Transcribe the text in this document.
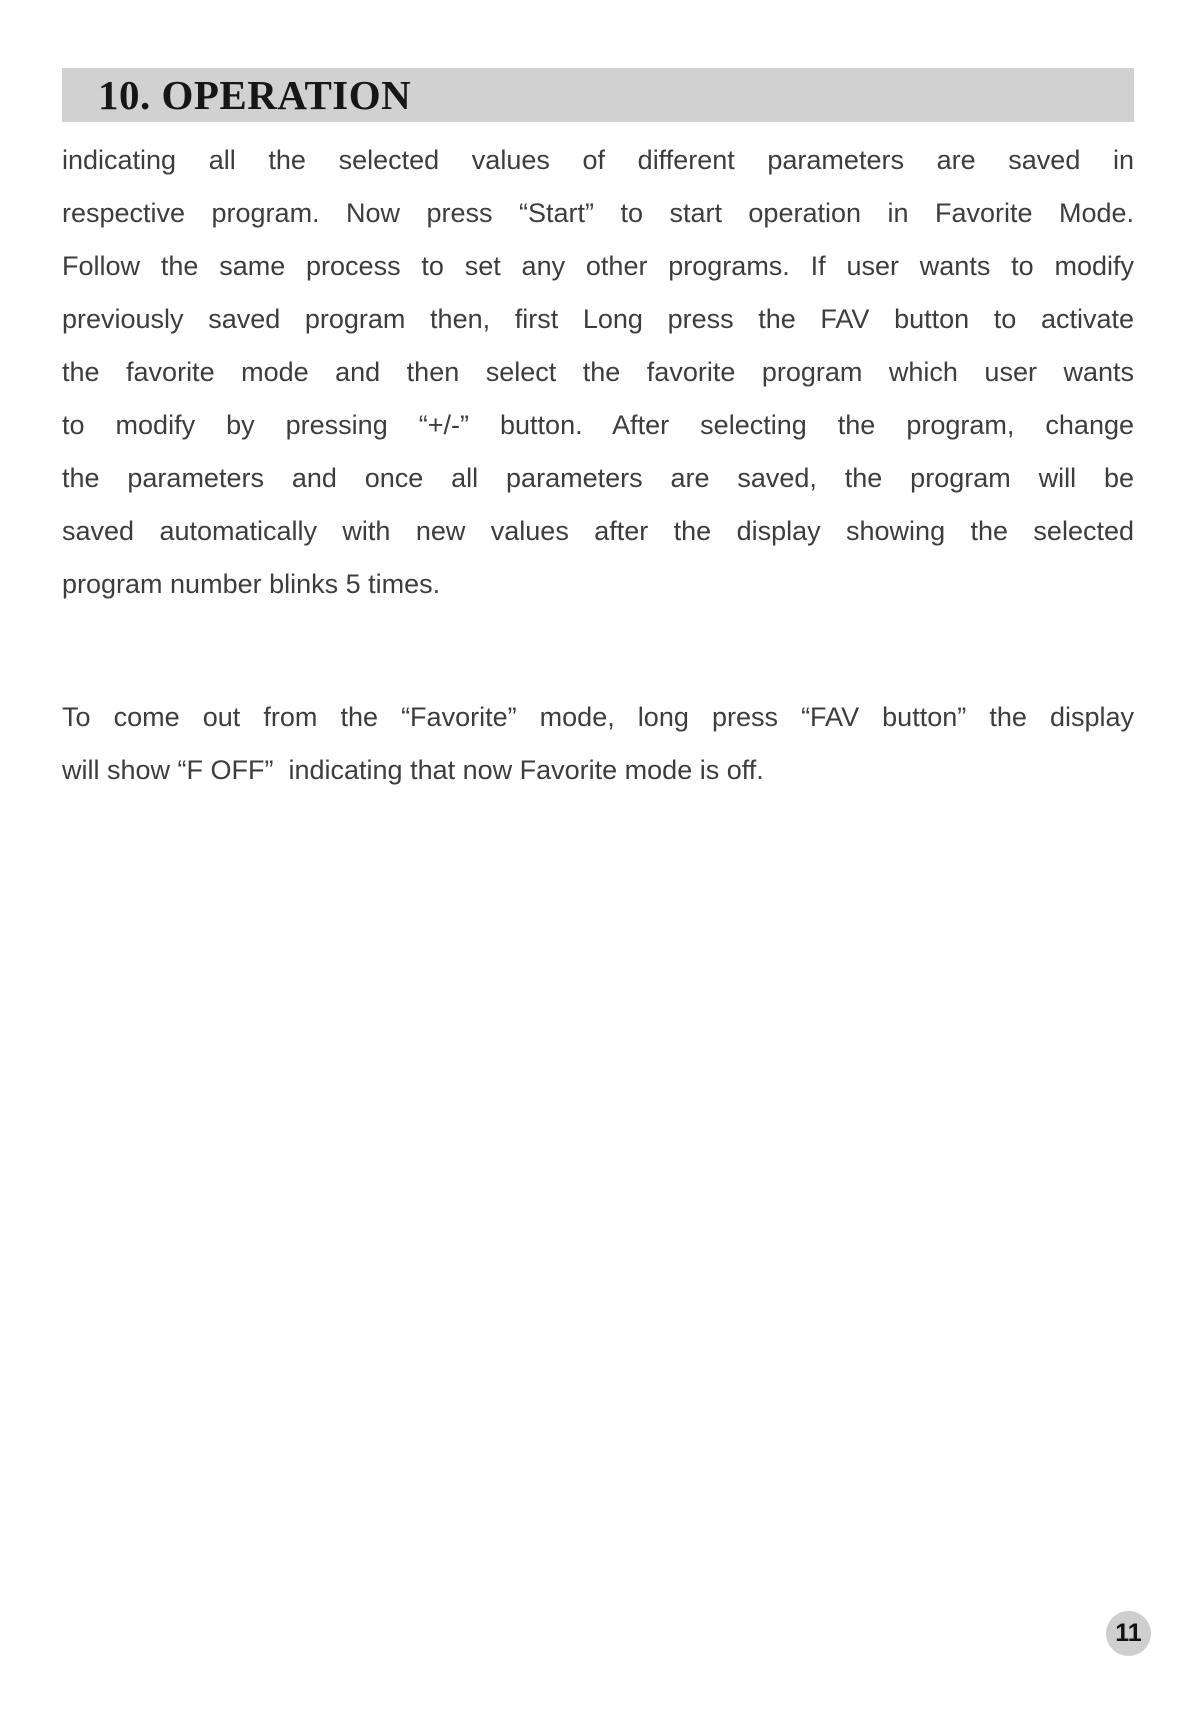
10. OPERATION
indicating all the selected values of different parameters are saved in
respective program. Now press “Start” to start operation in Favorite Mode.
Follow the same process to set any other programs. If user wants to modify
previously saved program then, first Long press the FAV button to activate
the favorite mode and then select the favorite program which user wants
to modify by pressing “+/-” button. After selecting the program, change
the parameters and once all parameters are saved, the program will be
saved automatically with new values after the display showing the selected
program number blinks 5 times.
To come out from the “Favorite” mode, long press “FAV button” the display
will show “F OFF”  indicating that now Favorite mode is off.
11
